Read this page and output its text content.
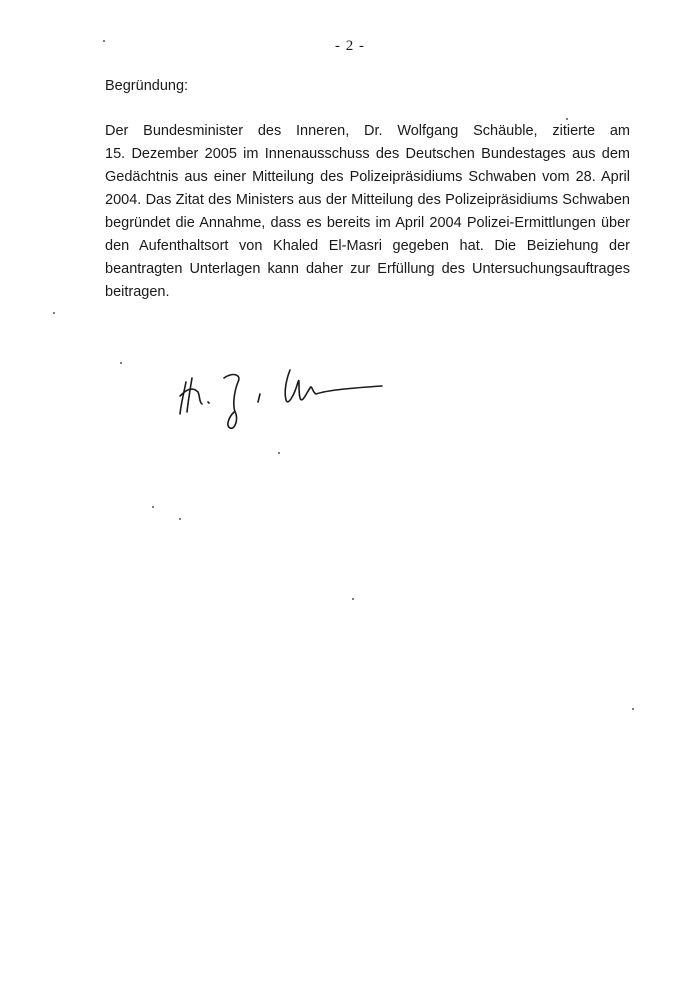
- 2 -
Begründung:

Der Bundesminister des Inneren, Dr. Wolfgang Schäuble, zitierte am
15. Dezember 2005 im Innenausschuss des Deutschen Bundestages aus dem
Gedächtnis aus einer Mitteilung des Polizeipräsidiums Schwaben vom 28. April
2004. Das Zitat des Ministers aus der Mitteilung des Polizeipräsidiums Schwaben
begründet die Annahme, dass es bereits im April 2004 Polizei-Ermittlungen über
den Aufenthaltsort von Khaled El-Masri gegeben hat. Die Beiziehung der
beantragten Unterlagen kann daher zur Erfüllung des Untersuchungsauftrages
beitragen.
